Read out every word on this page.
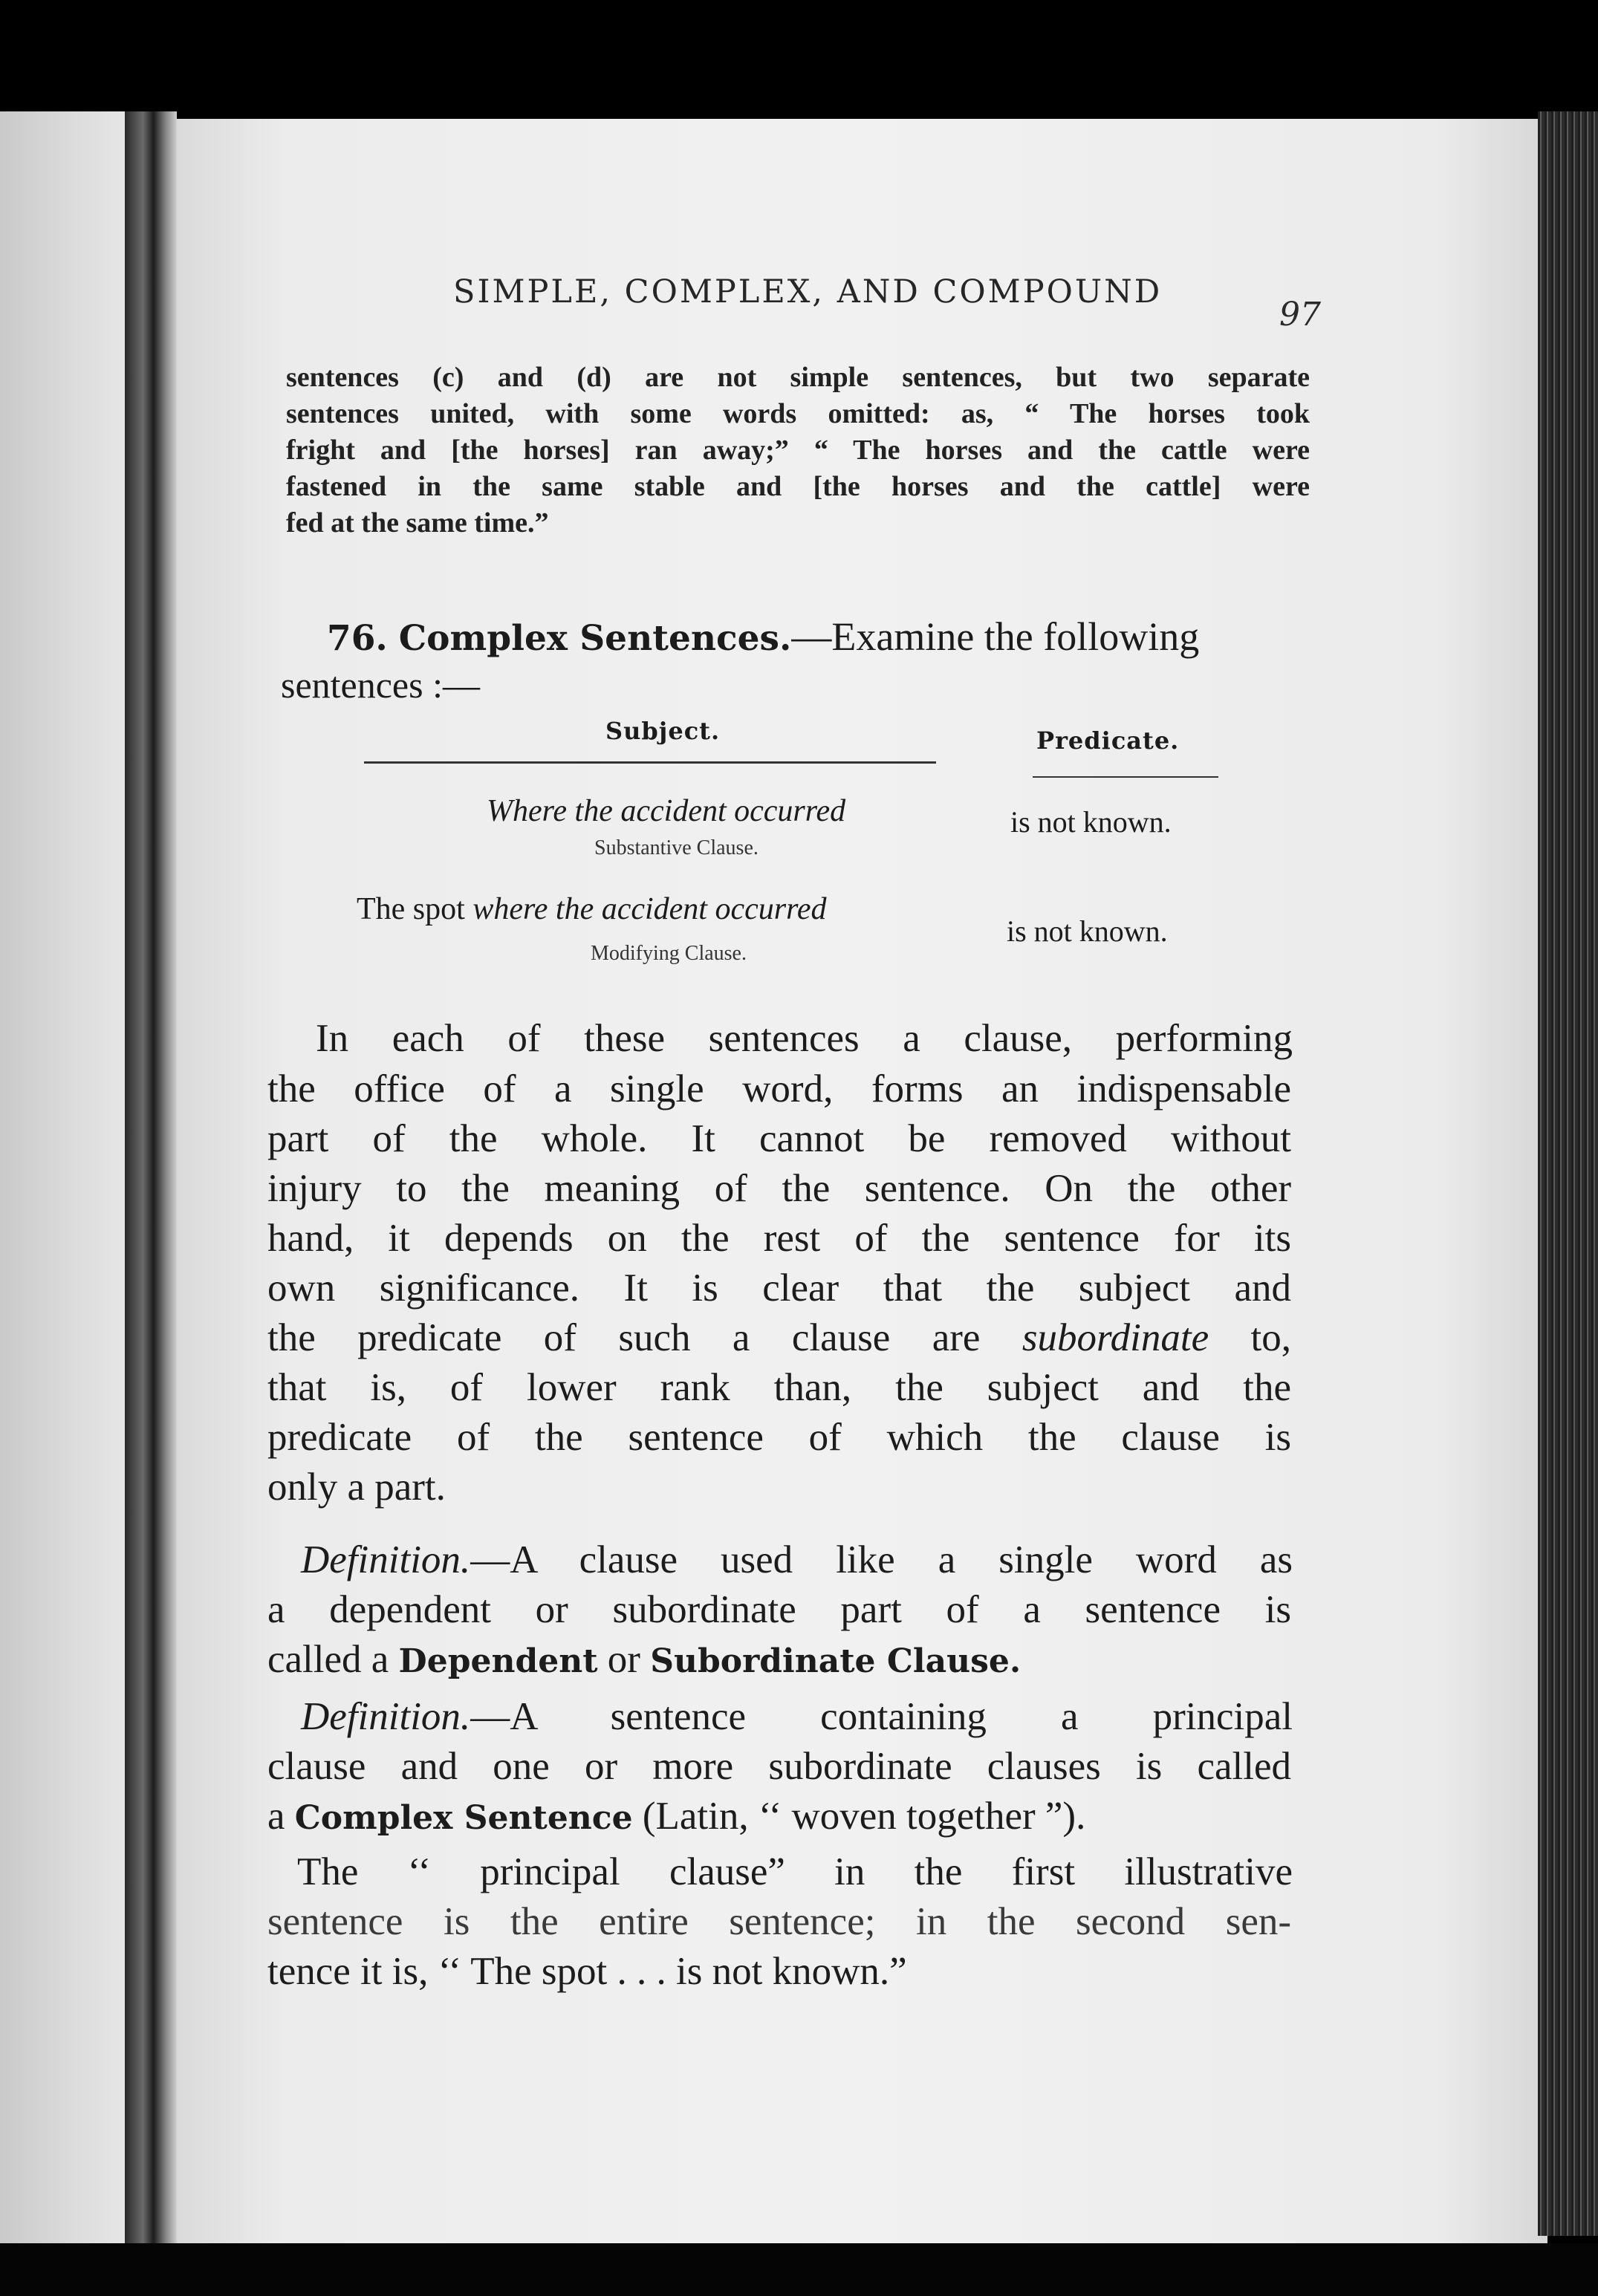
SIMPLE, COMPLEX, AND COMPOUND
97
sentences (c) and (d) are not simple sentences, but two separate
sentences united, with some words omitted: as, “ The horses took
fright and [the horses] ran away;” “ The horses and the cattle were
fastened in the same stable and [the horses and the cattle] were
fed at the same time.”
76. Complex Sentences.—Examine the following
sentences :—
Subject.	Predicate.
Where the accident occurred
Substantive Clause.
is not known.
The spot where the accident occurred
Modifying Clause.
is not known.
In each of these sentences a clause, performing
the office of a single word, forms an indispensable
part of the whole. It cannot be removed without
injury to the meaning of the sentence. On the other
hand, it depends on the rest of the sentence for its
own significance. It is clear that the subject and
the predicate of such a clause are subordinate to,
that is, of lower rank than, the subject and the
predicate of the sentence of which the clause is
only a part.
Definition.—A clause used like a single word as
a dependent or subordinate part of a sentence is
called a Dependent or Subordinate Clause.
Definition.—A sentence containing a principal
clause and one or more subordinate clauses is called
a Complex Sentence (Latin, ‘‘ woven together ”).
The ‘‘ principal clause” in the first illustrative
sentence is the entire sentence; in the second sen-
tence it is, ‘‘ The spot . . . is not known.”
